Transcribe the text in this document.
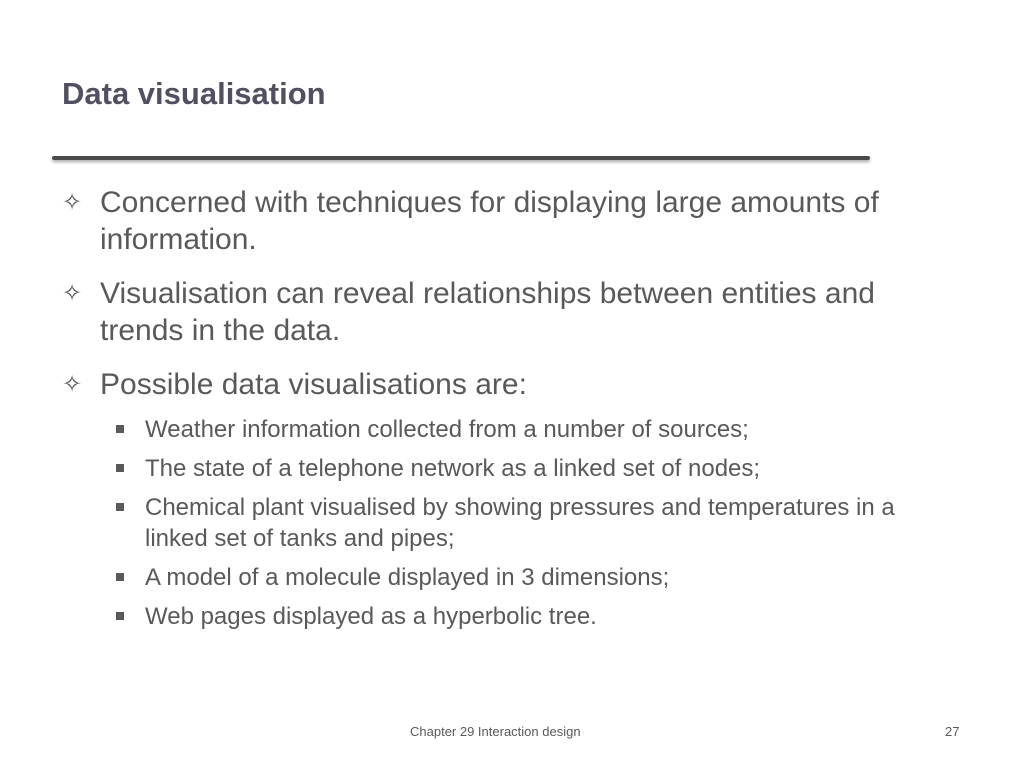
Data visualisation
✧ Concerned with techniques for displaying large amounts of information.
✧ Visualisation can reveal relationships between entities and trends in the data.
✧ Possible data visualisations are:
Weather information collected from a number of sources;
The state of a telephone network as a linked set of nodes;
Chemical plant visualised by showing pressures and temperatures in a linked set of tanks and pipes;
A model of a molecule displayed in 3 dimensions;
Web pages displayed as a hyperbolic tree.
Chapter 29 Interaction design	27
